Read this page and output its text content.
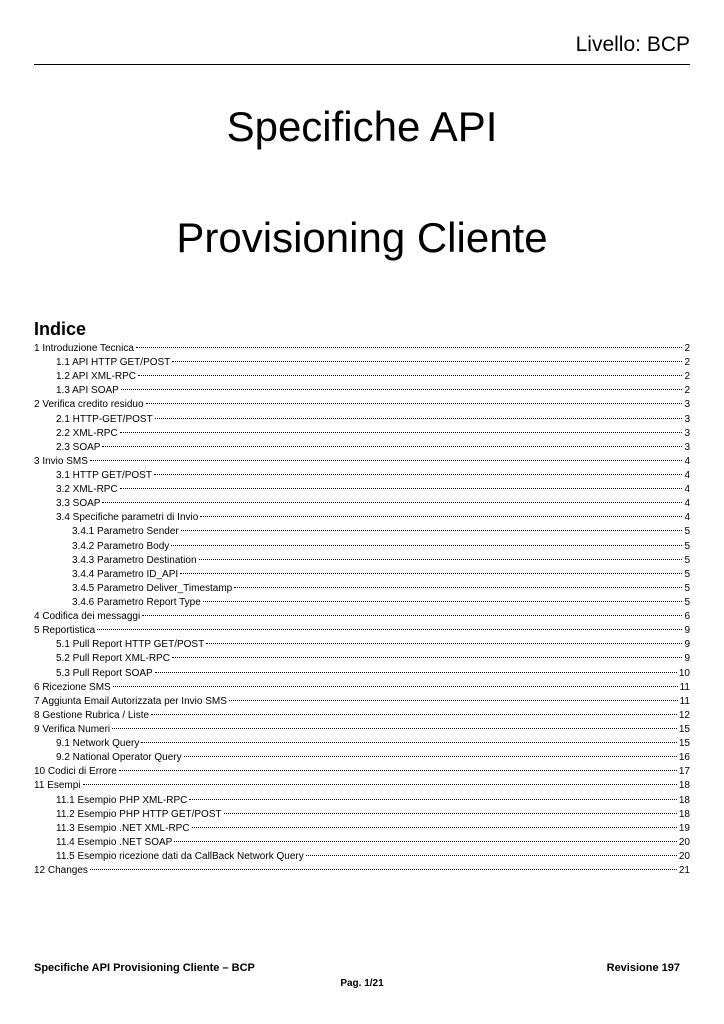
Livello: BCP
Specifiche API
Provisioning Cliente
Indice
1 Introduzione Tecnica	2
1.1 API HTTP GET/POST	2
1.2 API XML-RPC	2
1.3 API SOAP	2
2 Verifica credito residuo	3
2.1 HTTP-GET/POST	3
2.2 XML-RPC	3
2.3 SOAP	3
3 Invio SMS	4
3.1 HTTP GET/POST	4
3.2 XML-RPC	4
3.3 SOAP	4
3.4 Specifiche parametri di Invio	4
3.4.1 Parametro Sender	5
3.4.2 Parametro Body	5
3.4.3 Parametro Destination	5
3.4.4 Parametro ID_API	5
3.4.5 Parametro Deliver_Timestamp	5
3.4.6 Parametro Report Type	5
4 Codifica dei messaggi	6
5 Reportistica	9
5.1 Pull Report HTTP GET/POST	9
5.2 Pull Report XML-RPC	9
5.3 Pull Report SOAP	10
6 Ricezione SMS	11
7 Aggiunta Email Autorizzata per Invio SMS	11
8 Gestione Rubrica / Liste	12
9 Verifica Numeri	15
9.1 Network Query	15
9.2 National Operator Query	16
10 Codici di Errore	17
11 Esempi	18
11.1 Esempio PHP XML-RPC	18
11.2 Esempio PHP HTTP GET/POST	18
11.3 Esempio .NET XML-RPC	19
11.4 Esempio .NET SOAP	20
11.5 Esempio ricezione dati da CallBack Network Query	20
12 Changes	21
Specifiche API Provisioning Cliente – BCP	Revisione 197
Pag. 1/21
